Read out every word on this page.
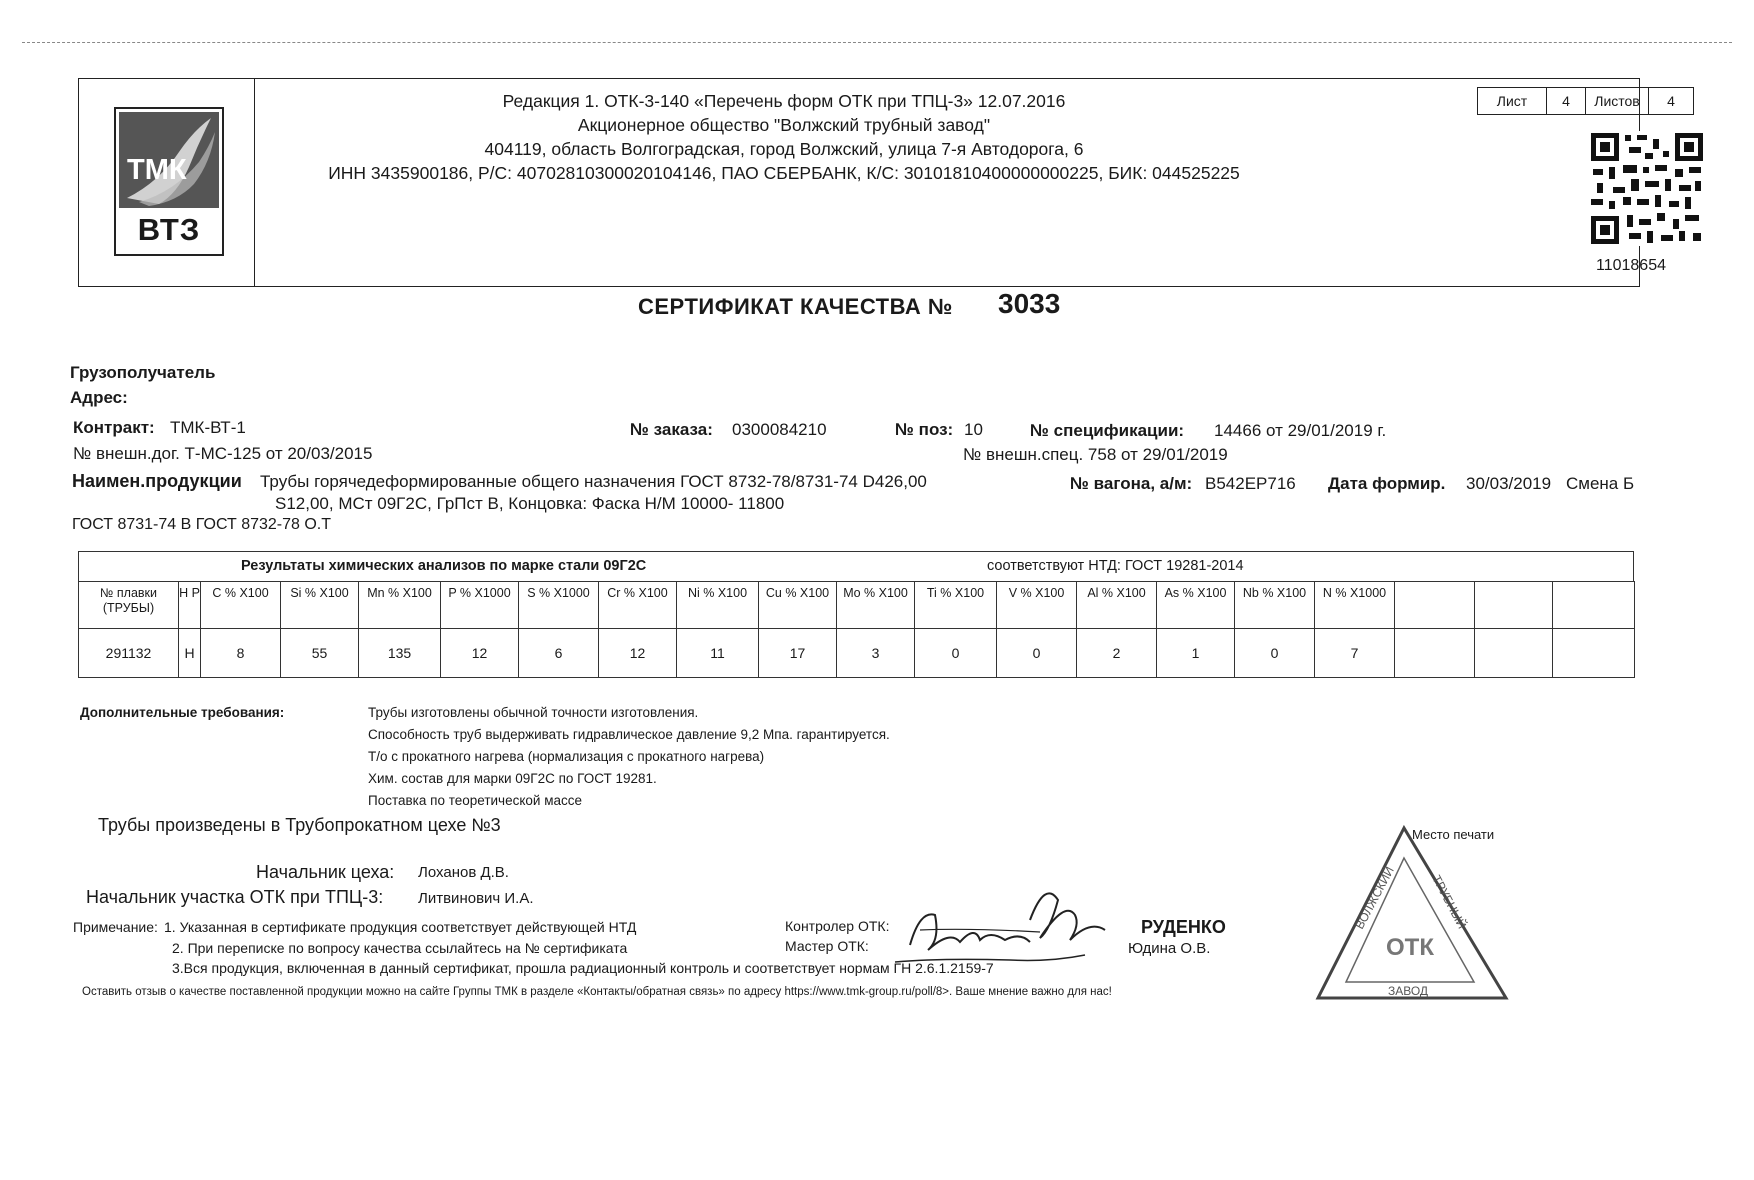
ТМК
ВТЗ
Редакция 1. ОТК-3-140 «Перечень форм ОТК при ТПЦ-3» 12.07.2016
Акционерное общество "Волжский трубный завод"
404119, область Волгоградская, город Волжский, улица 7-я Автодорога, 6
ИНН 3435900186, Р/С: 40702810300020104146, ПАО СБЕРБАНК, К/С: 30101810400000000225, БИК: 044525225
Лист	4	Листов	4
11018654
СЕРТИФИКАТ КАЧЕСТВА № 3033
Грузополучатель
Адрес:
Контракт: ТМК-ВТ-1	№ заказа: 0300084210	№ поз: 10	№ спецификации: 14466 от 29/01/2019 г.
№ внешн.дог. Т-МС-125 от 20/03/2015	№ внешн.спец. 758 от 29/01/2019
Наимен.продукции Трубы горячедеформированные общего назначения ГОСТ 8732-78/8731-74 D426,00
S12,00, МСт 09Г2С, ГрПст В, Концовка: Фаска Н/М 10000- 11800
ГОСТ 8731-74 В ГОСТ 8732-78 О.Т
№ вагона, а/м: В542ЕР716 Дата формир. 30/03/2019 Смена Б
Результаты химических анализов по марке стали 09Г2С	соответствуют НТД: ГОСТ 19281-2014
№ плавки (ТРУБЫ)	Н Р	C % X100	Si % X100	Mn % X100	P % X1000	S % X1000	Cr % X100	Ni % X100	Cu % X100	Mo % X100	Ti % X100	V % X100	Al % X100	As % X100	Nb % X100	N % X1000			
291132	Н	8	55	135	12	6	12	11	17	3	0	0	2	1	0	7			
Дополнительные требования:	Трубы изготовлены обычной точности изготовления.
Способность труб выдерживать гидравлическое давление 9,2 Мпа. гарантируется.
Т/о с прокатного нагрева (нормализация с прокатного нагрева)
Хим. состав для марки 09Г2С по ГОСТ 19281.
Поставка по теоретической массе
Трубы произведены в Трубопрокатном цехе №3
Начальник цеха: Лоханов Д.В.
Начальник участка ОТК при ТПЦ-3: Литвинович И.А.
Контролер ОТК:	РУДЕНКО
Мастер ОТК:	Юдина О.В.
Примечание: 1. Указанная в сертификате продукция соответствует действующей НТД
2. При переписке по вопросу качества ссылайтесь на № сертификата
3.Вся продукция, включенная в данный сертификат, прошла радиационный контроль и соответствует нормам ГН 2.6.1.2159-7
Оставить отзыв о качестве поставленной продукции можно на сайте Группы ТМК в разделе «Контакты/обратная связь» по адресу https://www.tmk-group.ru/poll/8>. Ваше мнение важно для нас!
Место печати
ВОЛЖСКИЙ	ТРУБНЫЙ
ОТК
ЗАВОД
